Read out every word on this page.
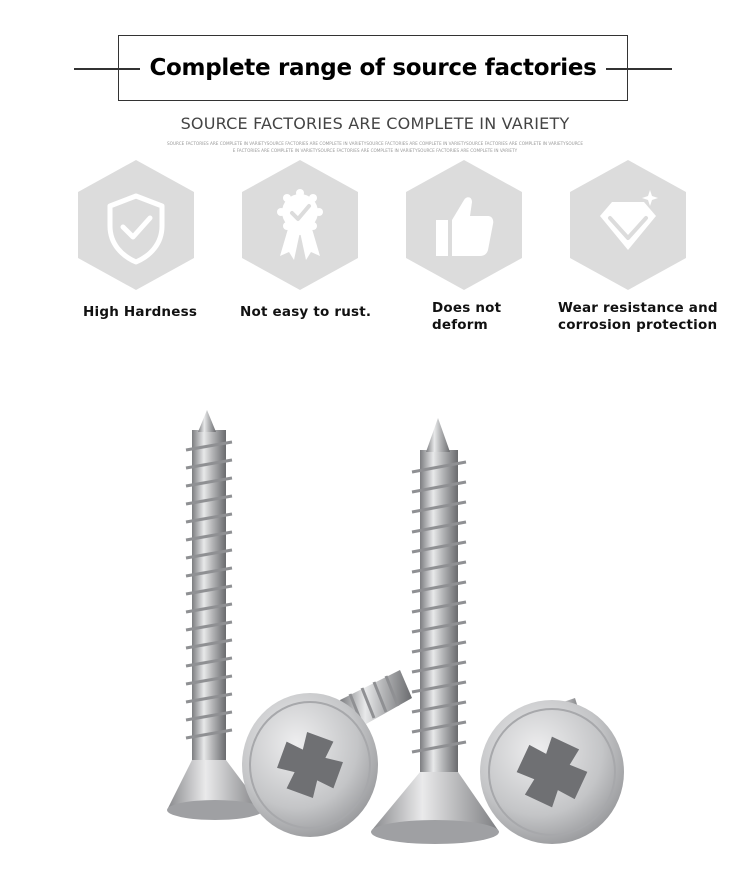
Complete range of source factories
SOURCE FACTORIES ARE COMPLETE IN VARIETY
SOURCE FACTORIES ARE COMPLETE IN VARIETYSOURCE FACTORIES ARE COMPLETE IN VARIETYSOURCE FACTORIES ARE COMPLETE IN VARIETYSOURCE FACTORIES ARE COMPLETE IN VARIETYSOURCE
E FACTORIES ARE COMPLETE IN VARIETYSOURCE FACTORIES ARE COMPLETE IN VARIETYSOURCE FACTORIES ARE COMPLETE IN VARIETY
High Hardness	Not easy to rust.	Does not
deform
Wear resistance and
corrosion protection
